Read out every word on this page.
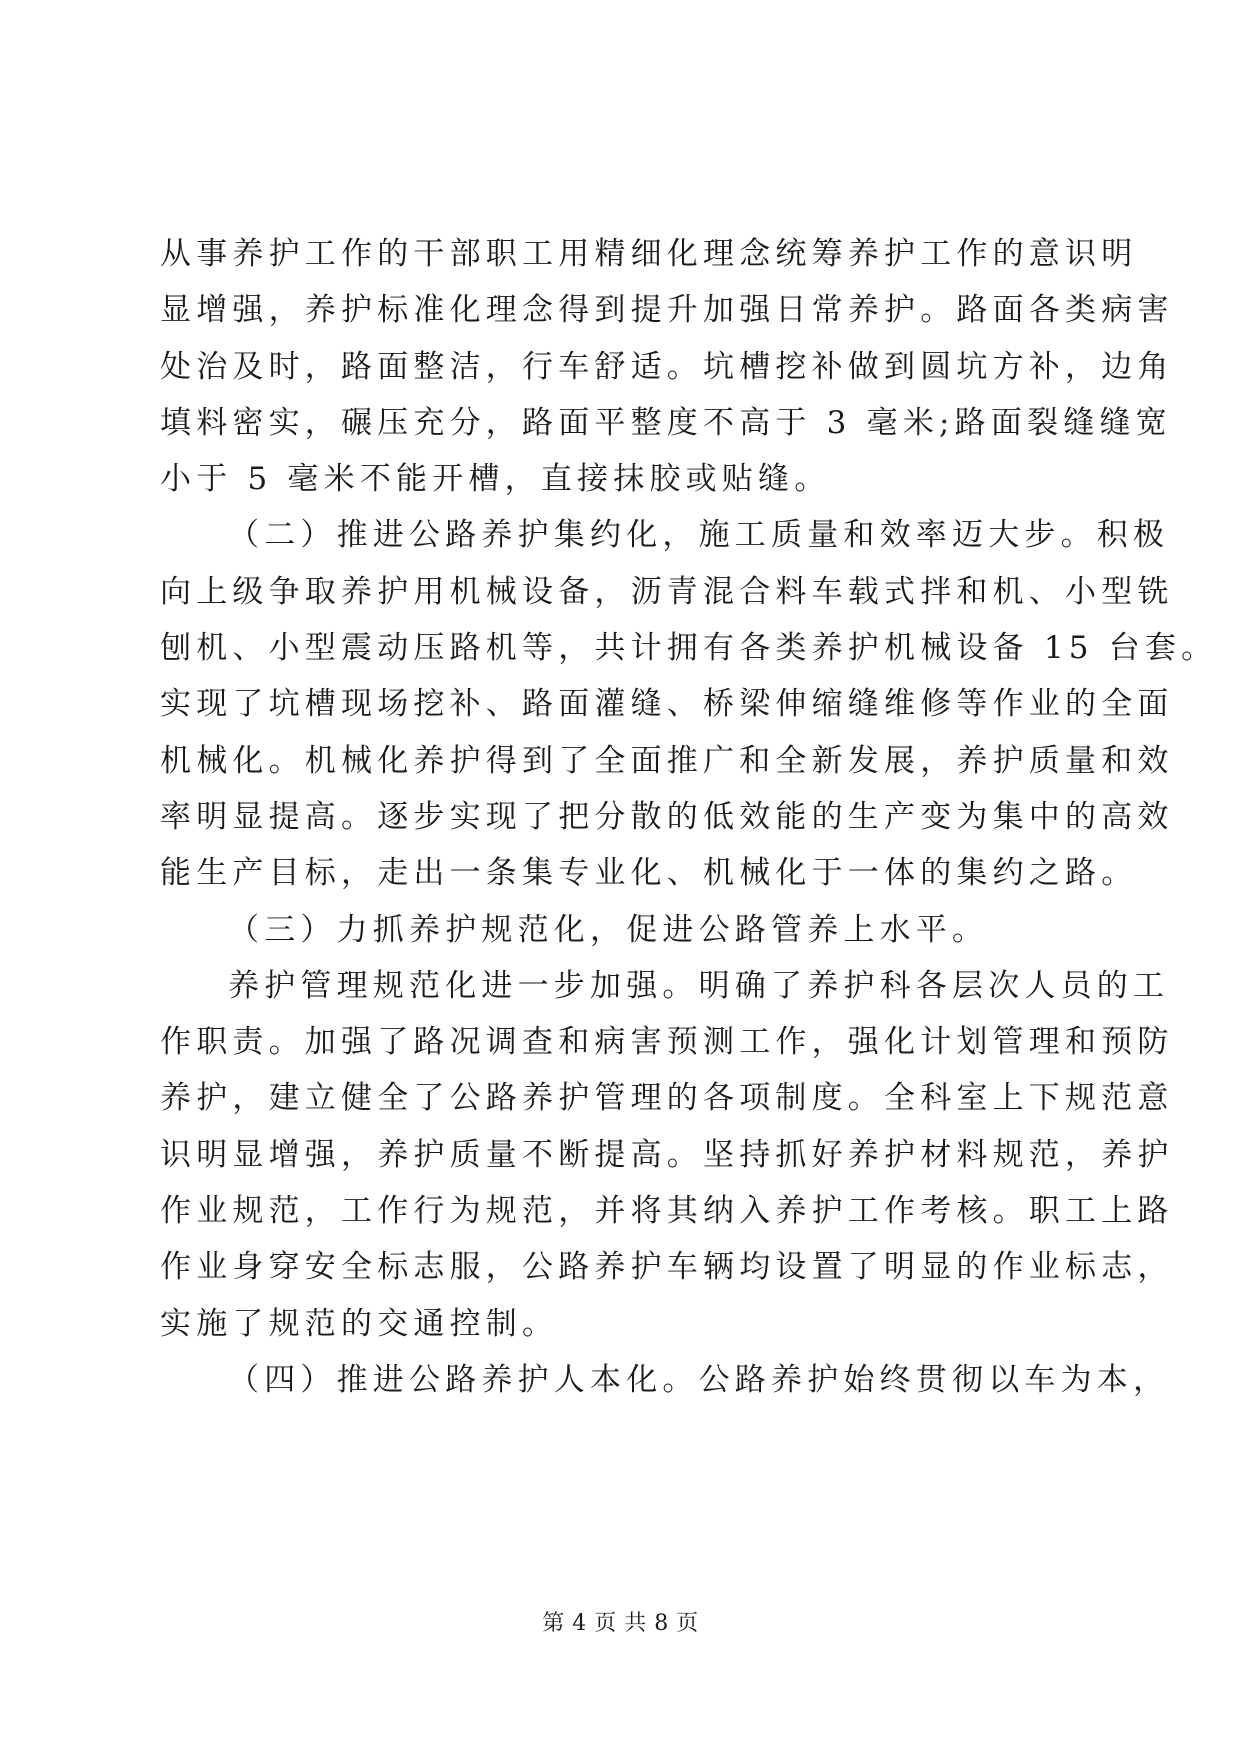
从事养护工作的干部职工用精细化理念统筹养护工作的意识明
显增强，养护标准化理念得到提升加强日常养护。路面各类病害
处治及时，路面整洁，行车舒适。坑槽挖补做到圆坑方补，边角
填料密实，碾压充分，路面平整度不高于 3 毫米;路面裂缝缝宽
小于 5 毫米不能开槽，直接抹胶或贴缝。
（二）推进公路养护集约化，施工质量和效率迈大步。积极
向上级争取养护用机械设备，沥青混合料车载式拌和机、小型铣
刨机、小型震动压路机等，共计拥有各类养护机械设备 15 台套。
实现了坑槽现场挖补、路面灌缝、桥梁伸缩缝维修等作业的全面
机械化。机械化养护得到了全面推广和全新发展，养护质量和效
率明显提高。逐步实现了把分散的低效能的生产变为集中的高效
能生产目标，走出一条集专业化、机械化于一体的集约之路。
（三）力抓养护规范化，促进公路管养上水平。
养护管理规范化进一步加强。明确了养护科各层次人员的工
作职责。加强了路况调查和病害预测工作，强化计划管理和预防
养护，建立健全了公路养护管理的各项制度。全科室上下规范意
识明显增强，养护质量不断提高。坚持抓好养护材料规范，养护
作业规范，工作行为规范，并将其纳入养护工作考核。职工上路
作业身穿安全标志服，公路养护车辆均设置了明显的作业标志，
实施了规范的交通控制。
（四）推进公路养护人本化。公路养护始终贯彻以车为本，
第 4 页 共 8 页
